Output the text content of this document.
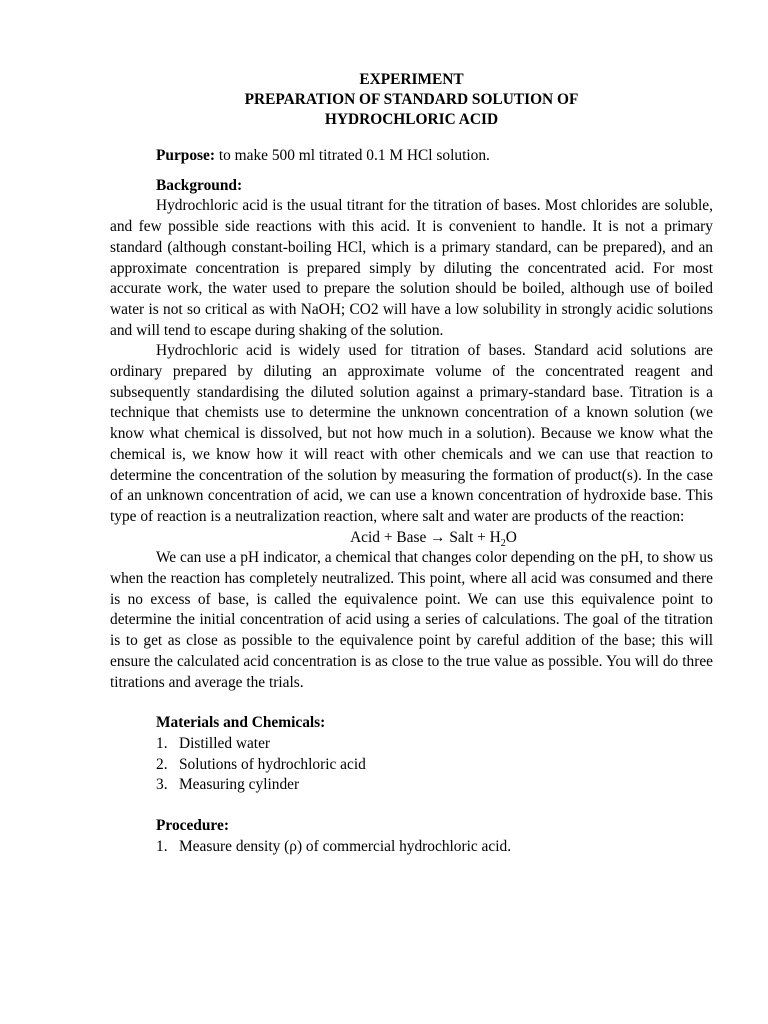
EXPERIMENT
PREPARATION OF STANDARD SOLUTION OF
HYDROCHLORIC ACID
Purpose: to make 500 ml titrated 0.1 M HCl solution.
Background:

Hydrochloric acid is the usual titrant for the titration of bases. Most chlorides are soluble, and few possible side reactions with this acid. It is convenient to handle. It is not a primary standard (although constant-boiling HCl, which is a primary standard, can be prepared), and an approximate concentration is prepared simply by diluting the concentrated acid. For most accurate work, the water used to prepare the solution should be boiled, although use of boiled water is not so critical as with NaOH; CO2 will have a low solubility in strongly acidic solutions and will tend to escape during shaking of the solution.

Hydrochloric acid is widely used for titration of bases. Standard acid solutions are ordinary prepared by diluting an approximate volume of the concentrated reagent and subsequently standardising the diluted solution against a primary-standard base. Titration is a technique that chemists use to determine the unknown concentration of a known solution (we know what chemical is dissolved, but not how much in a solution). Because we know what the chemical is, we know how it will react with other chemicals and we can use that reaction to determine the concentration of the solution by measuring the formation of product(s). In the case of an unknown concentration of acid, we can use a known concentration of hydroxide base. This type of reaction is a neutralization reaction, where salt and water are products of the reaction:

Acid + Base → Salt + $H_2O$

We can use a pH indicator, a chemical that changes color depending on the pH, to show us when the reaction has completely neutralized. This point, where all acid was consumed and there is no excess of base, is called the equivalence point. We can use this equivalence point to determine the initial concentration of acid using a series of calculations. The goal of the titration is to get as close as possible to the equivalence point by careful addition of the base; this will ensure the calculated acid concentration is as close to the true value as possible. You will do three titrations and average the trials.

Materials and Chemicals:
1. Distilled water
2. Solutions of hydrochloric acid
3. Measuring cylinder
Procedure:
1. Measure density (ρ) of commercial hydrochloric acid.
